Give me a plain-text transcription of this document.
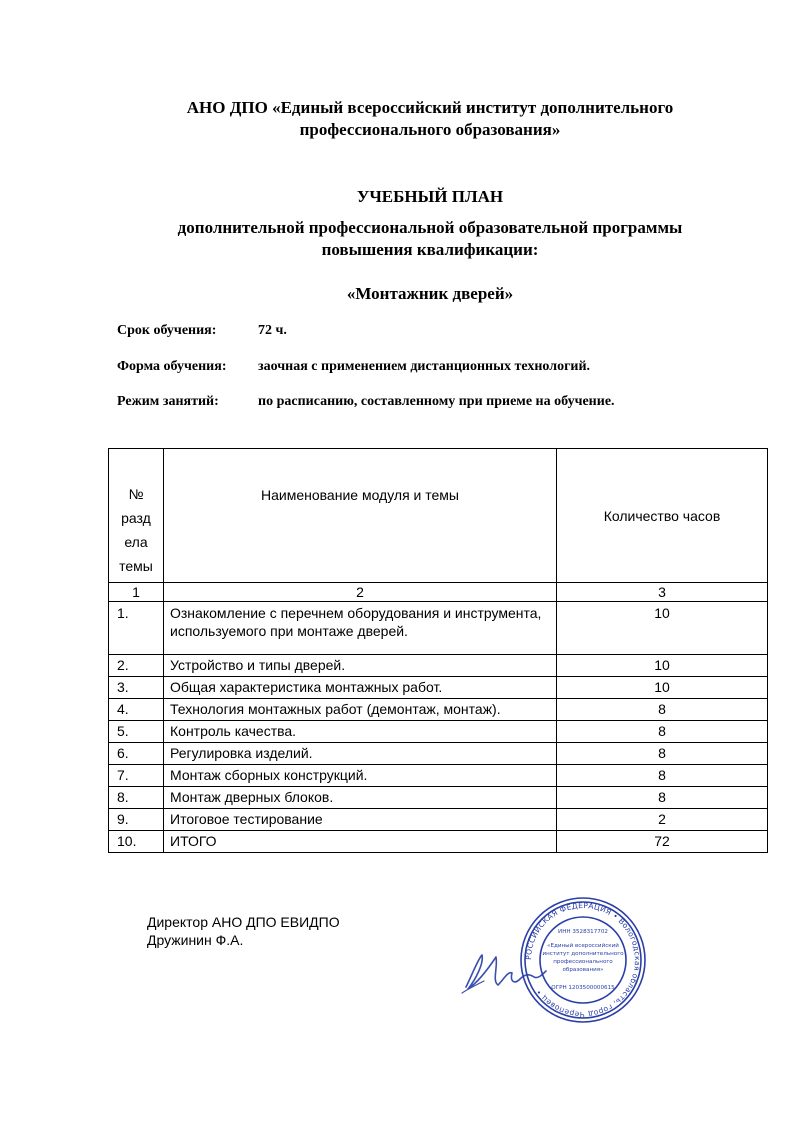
АНО ДПО «Единый всероссийский институт дополнительного
профессионального образования»
УЧЕБНЫЙ ПЛАН
дополнительной профессиональной образовательной программы
повышения квалификации:
«Монтажник дверей»
Срок обучения:	72 ч.
Форма обучения: заочная с применением дистанционных технологий.
Режим занятий:	по расписанию, составленному при приеме на обучение.
№
разд
ела
темы	Наименование модуля и темы	Количество часов
1	2	3
1.	Ознакомление с перечнем оборудования и инструмента, используемого при монтаже дверей.	10
2.	Устройство и типы дверей.	10
3.	Общая характеристика монтажных работ.	10
4.	Технология монтажных работ (демонтаж, монтаж).	8
5.	Контроль качества.	8
6.	Регулировка изделий.	8
7.	Монтаж сборных конструкций.	8
8.	Монтаж дверных блоков.	8
9.	Итоговое тестирование	2
10.	ИТОГО	72
Директор АНО ДПО ЕВИДПО
Дружинин Ф.А.
РОССИЙСКАЯ ФЕДЕРАЦИЯ • Вологодская область, город Череповец •
ИНН 3528317702
«Единый всероссийский
институт дополнительного
профессионального
образования»
ОГРН 1203500000615
